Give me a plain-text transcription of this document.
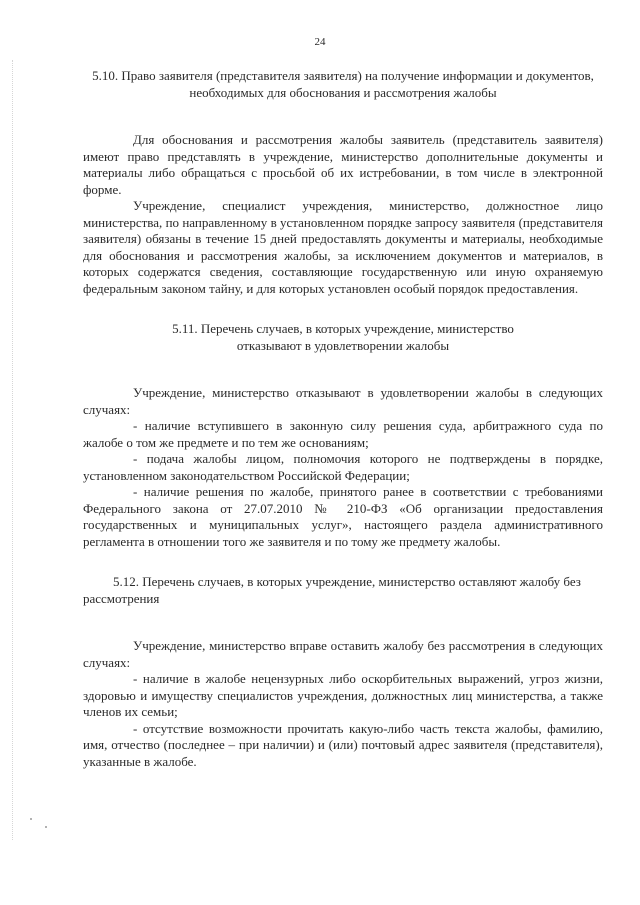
24
5.10. Право заявителя (представителя заявителя) на получение информации и документов, необходимых для обоснования и рассмотрения жалобы

Для обоснования и рассмотрения жалобы заявитель (представитель заявителя) имеют право представлять в учреждение, министерство дополнительные документы и материалы либо обращаться с просьбой об их истребовании, в том числе в электронной форме.

Учреждение, специалист учреждения, министерство, должностное лицо министерства, по направленному в установленном порядке запросу заявителя (представителя заявителя) обязаны в течение 15 дней предоставлять документы и материалы, необходимые для обоснования и рассмотрения жалобы, за исключением документов и материалов, в которых содержатся сведения, составляющие государственную или иную охраняемую федеральным законом тайну, и для которых установлен особый порядок предоставления.

5.11. Перечень случаев, в которых учреждение, министерство отказывают в удовлетворении жалобы

Учреждение, министерство отказывают в удовлетворении жалобы в следующих случаях:

- наличие вступившего в законную силу решения суда, арбитражного суда по жалобе о том же предмете и по тем же основаниям;

- подача жалобы лицом, полномочия которого не подтверждены в порядке, установленном законодательством Российской Федерации;

- наличие решения по жалобе, принятого ранее в соответствии с требованиями Федерального закона от 27.07.2010 № 210-ФЗ «Об организации предоставления государственных и муниципальных услуг», настоящего раздела административного регламента в отношении того же заявителя и по тому же предмету жалобы.

5.12. Перечень случаев, в которых учреждение, министерство оставляют жалобу без рассмотрения

Учреждение, министерство вправе оставить жалобу без рассмотрения в следующих случаях:

- наличие в жалобе нецензурных либо оскорбительных выражений, угроз жизни, здоровью и имуществу специалистов учреждения, должностных лиц министерства, а также членов их семьи;

- отсутствие возможности прочитать какую-либо часть текста жалобы, фамилию, имя, отчество (последнее – при наличии) и (или) почтовый адрес заявителя (представителя), указанные в жалобе.
